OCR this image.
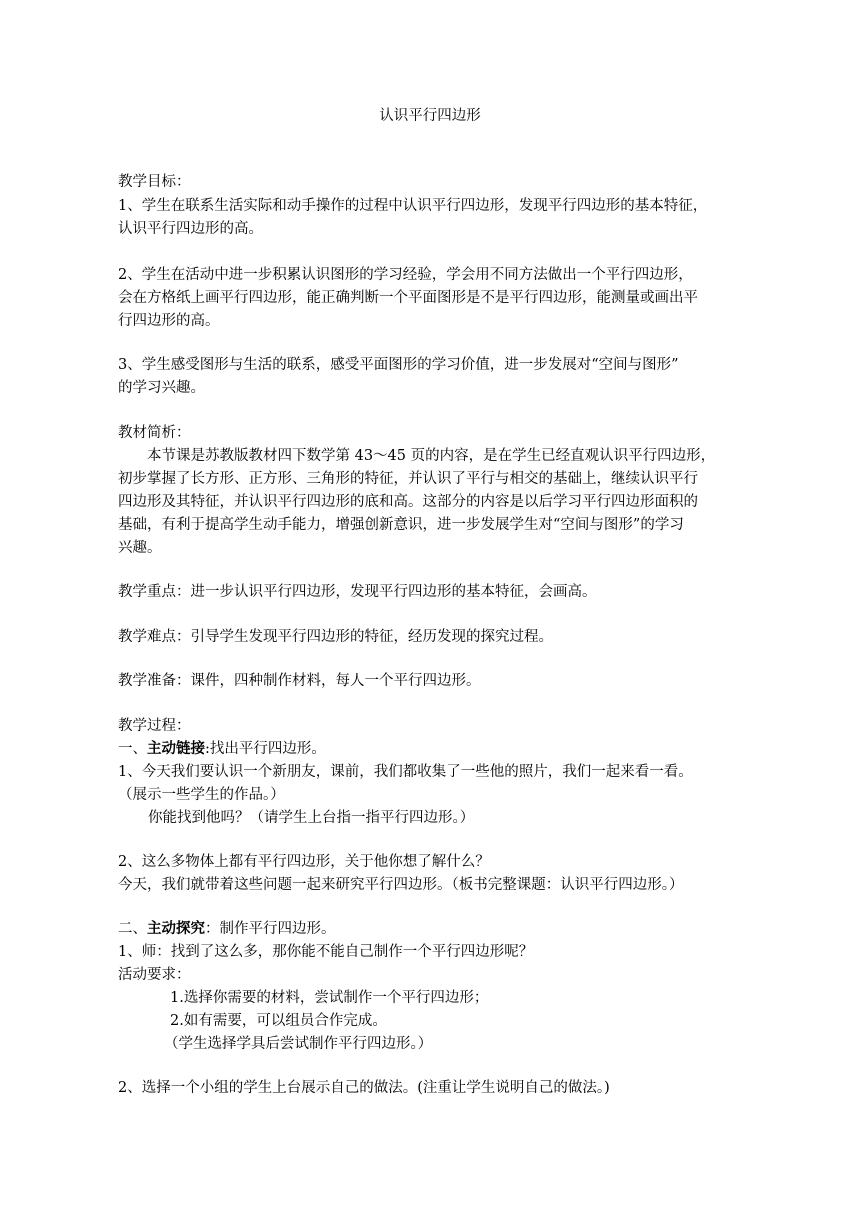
认识平行四边形
教学目标：
1、学生在联系生活实际和动手操作的过程中认识平行四边形，发现平行四边形的基本特征，
认识平行四边形的高。
2、学生在活动中进一步积累认识图形的学习经验，学会用不同方法做出一个平行四边形，
会在方格纸上画平行四边形，能正确判断一个平面图形是不是平行四边形，能测量或画出平
行四边形的高。
3、学生感受图形与生活的联系，感受平面图形的学习价值，进一步发展对“空间与图形”
的学习兴趣。
教材简析：
本节课是苏教版教材四下数学第 43～45 页的内容，是在学生已经直观认识平行四边形，
初步掌握了长方形、正方形、三角形的特征，并认识了平行与相交的基础上，继续认识平行
四边形及其特征，并认识平行四边形的底和高。这部分的内容是以后学习平行四边形面积的
基础，有利于提高学生动手能力，增强创新意识，进一步发展学生对“空间与图形”的学习
兴趣。
教学重点：进一步认识平行四边形，发现平行四边形的基本特征，会画高。
教学难点：引导学生发现平行四边形的特征，经历发现的探究过程。
教学准备：课件，四种制作材料，每人一个平行四边形。
教学过程：
一、主动链接:找出平行四边形。
1、今天我们要认识一个新朋友，课前，我们都收集了一些他的照片，我们一起来看一看。
（展示一些学生的作品。）
你能找到他吗？（请学生上台指一指平行四边形。）
2、这么多物体上都有平行四边形，关于他你想了解什么？
今天，我们就带着这些问题一起来研究平行四边形。（板书完整课题：认识平行四边形。）
二、主动探究：制作平行四边形。
1、师：找到了这么多，那你能不能自己制作一个平行四边形呢？
活动要求：
1.选择你需要的材料，尝试制作一个平行四边形；
2.如有需要，可以组员合作完成。
（学生选择学具后尝试制作平行四边形。）
2、选择一个小组的学生上台展示自己的做法。(注重让学生说明自己的做法。)
